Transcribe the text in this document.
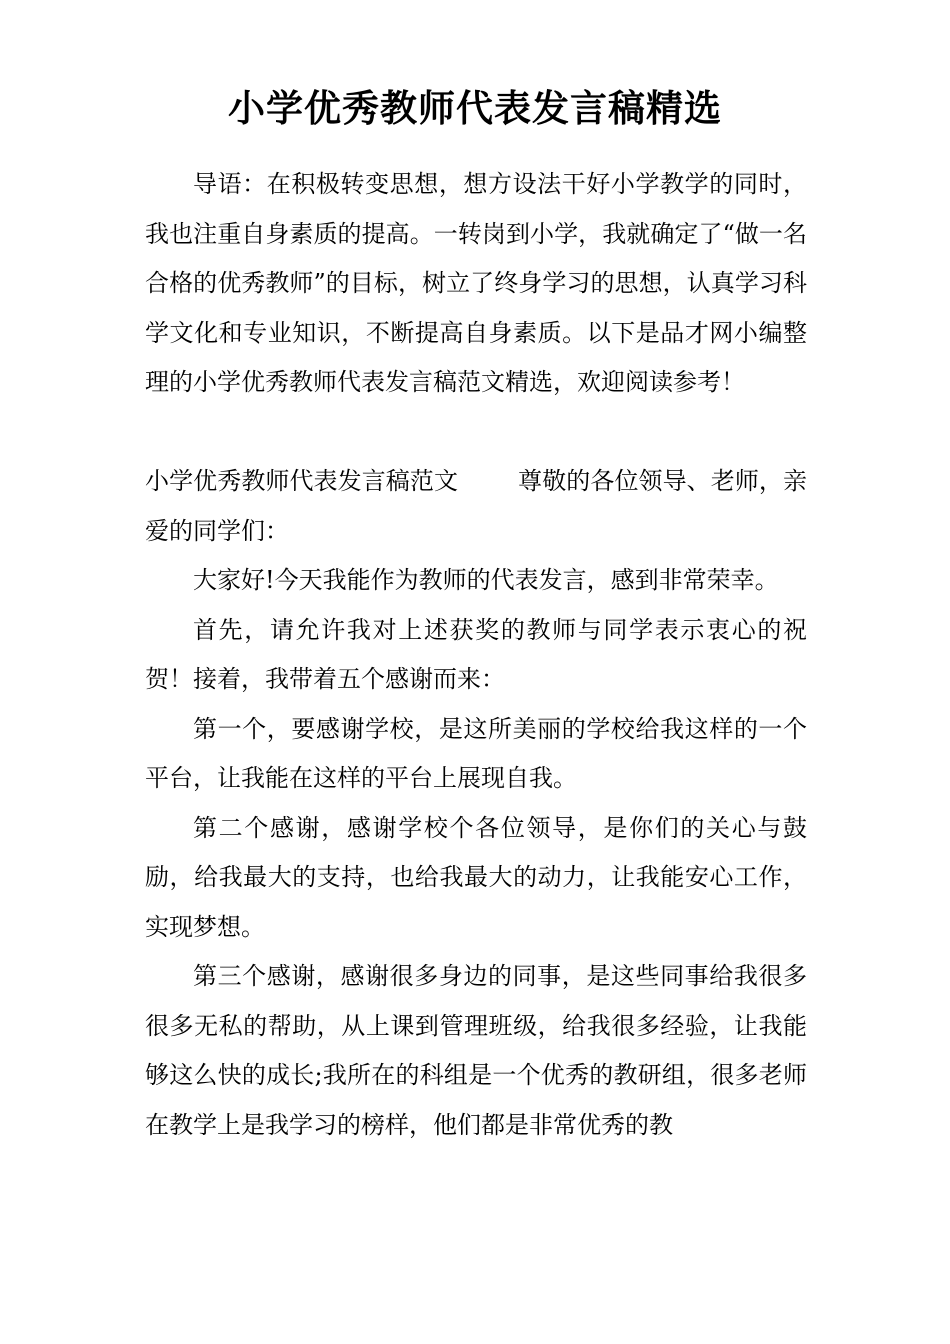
小学优秀教师代表发言稿精选

导语：在积极转变思想，想方设法干好小学教学的同时，我也注重自身素质的提高。一转岗到小学，我就确定了“做一名合格的优秀教师”的目标，树立了终身学习的思想，认真学习科学文化和专业知识，不断提高自身素质。以下是品才网小编整理的小学优秀教师代表发言稿范文精选，欢迎阅读参考！

小学优秀教师代表发言稿范文	尊敬的各位领导、老师，亲爱的同学们：

大家好!今天我能作为教师的代表发言，感到非常荣幸。

首先，请允许我对上述获奖的教师与同学表示衷心的祝贺！接着，我带着五个感谢而来：

第一个，要感谢学校，是这所美丽的学校给我这样的一个平台，让我能在这样的平台上展现自我。

第二个感谢，感谢学校个各位领导，是你们的关心与鼓励，给我最大的支持，也给我最大的动力，让我能安心工作，实现梦想。

第三个感谢，感谢很多身边的同事，是这些同事给我很多很多无私的帮助，从上课到管理班级，给我很多经验，让我能够这么快的成长;我所在的科组是一个优秀的教研组，很多老师在教学上是我学习的榜样，他们都是非常优秀的教
